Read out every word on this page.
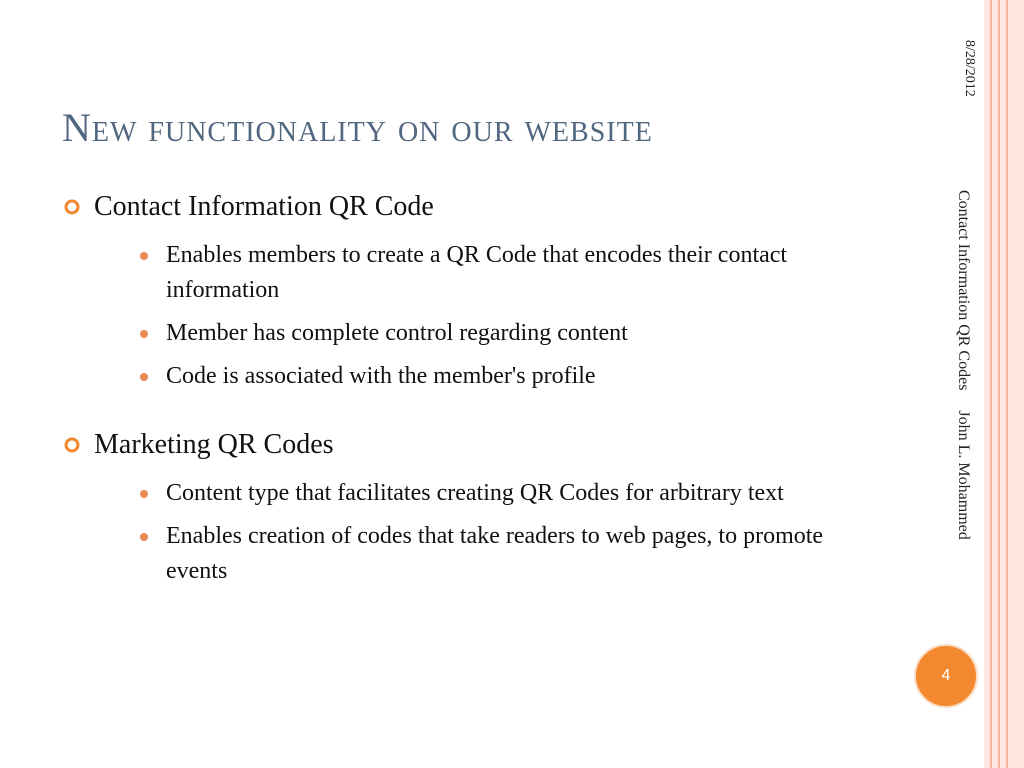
New functionality on our website
Contact Information QR Code
Enables members to create a QR Code that encodes their contact information
Member has complete control regarding content
Code is associated with the member's profile
Marketing QR Codes
Content type that facilitates creating QR Codes for arbitrary text
Enables creation of codes that take readers to web pages, to promote events
8/28/2012
Contact Information QR Codes     John L. Mohammed
4
